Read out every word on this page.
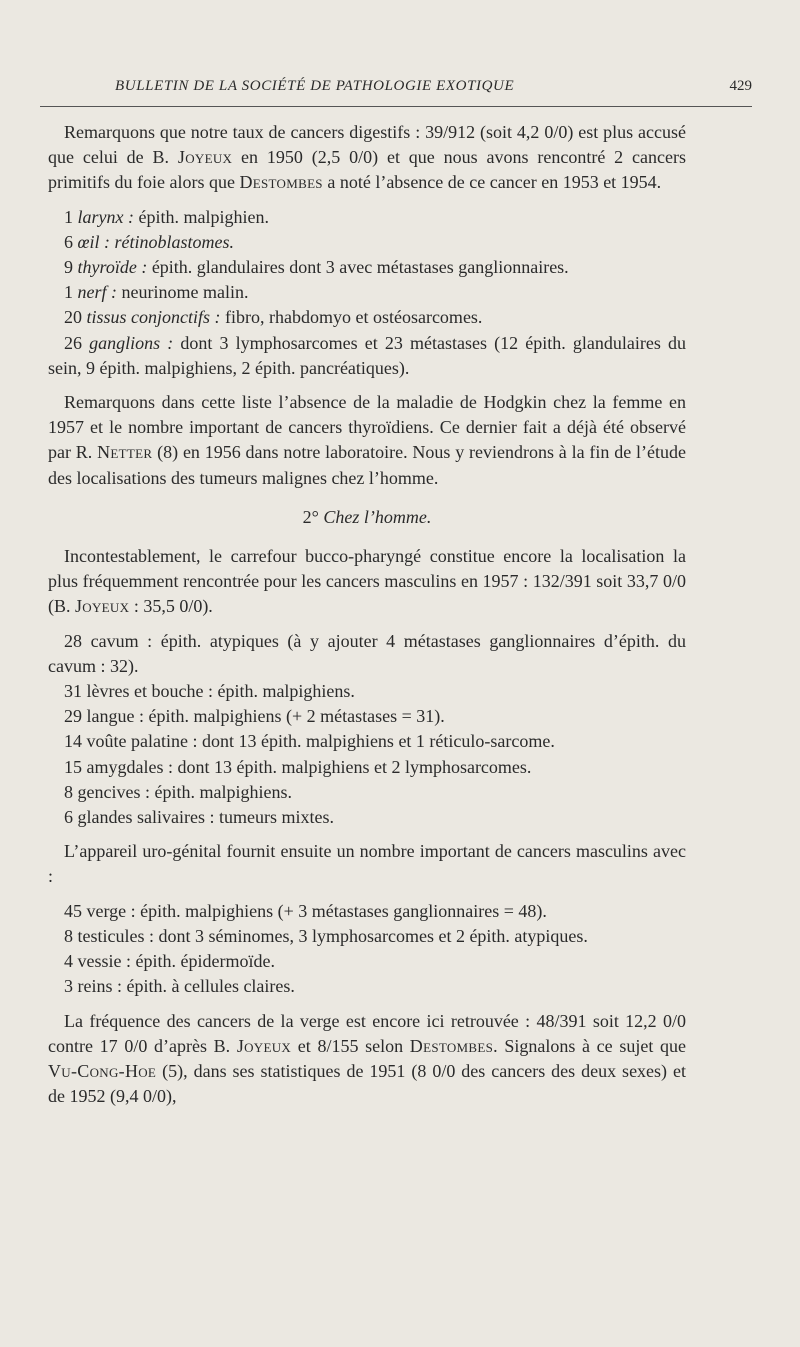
BULLETIN DE LA SOCIÉTÉ DE PATHOLOGIE EXOTIQUE	429

Remarquons que notre taux de cancers digestifs : 39/912 (soit 4,2 0/0) est plus accusé que celui de B. Joyeux en 1950 (2,5 0/0) et que nous avons rencontré 2 cancers primitifs du foie alors que Destombes a noté l’absence de ce cancer en 1953 et 1954.

1 larynx : épith. malpighien.

6 œil : rétinoblastomes.

9 thyroïde : épith. glandulaires dont 3 avec métastases ganglionnaires.

1 nerf : neurinome malin.

20 tissus conjonctifs : fibro, rhabdomyo et ostéosarcomes.

26 ganglions : dont 3 lymphosarcomes et 23 métastases (12 épith. glandulaires du sein, 9 épith. malpighiens, 2 épith. pancréatiques).

Remarquons dans cette liste l’absence de la maladie de Hodgkin chez la femme en 1957 et le nombre important de cancers thyroïdiens. Ce dernier fait a déjà été observé par R. Netter (8) en 1956 dans notre laboratoire. Nous y reviendrons à la fin de l’étude des localisations des tumeurs malignes chez l’homme.

2° Chez l’homme.

Incontestablement, le carrefour bucco-pharyngé constitue encore la localisation la plus fréquemment rencontrée pour les cancers masculins en 1957 : 132/391 soit 33,7 0/0 (B. Joyeux : 35,5 0/0).

28 cavum : épith. atypiques (à y ajouter 4 métastases ganglionnaires d’épith. du cavum : 32).

31 lèvres et bouche : épith. malpighiens.

29 langue : épith. malpighiens (+ 2 métastases = 31).

14 voûte palatine : dont 13 épith. malpighiens et 1 réticulo-sarcome.

15 amygdales : dont 13 épith. malpighiens et 2 lymphosarcomes.

8 gencives : épith. malpighiens.

6 glandes salivaires : tumeurs mixtes.

L’appareil uro-génital fournit ensuite un nombre important de cancers masculins avec :

45 verge : épith. malpighiens (+ 3 métastases ganglionnaires = 48).

8 testicules : dont 3 séminomes, 3 lymphosarcomes et 2 épith. atypiques.

4 vessie : épith. épidermoïde.

3 reins : épith. à cellules claires.

La fréquence des cancers de la verge est encore ici retrouvée : 48/391 soit 12,2 0/0 contre 17 0/0 d’après B. Joyeux et 8/155 selon Destombes. Signalons à ce sujet que Vu-Cong-Hoe (5), dans ses statistiques de 1951 (8 0/0 des cancers des deux sexes) et de 1952 (9,4 0/0),
